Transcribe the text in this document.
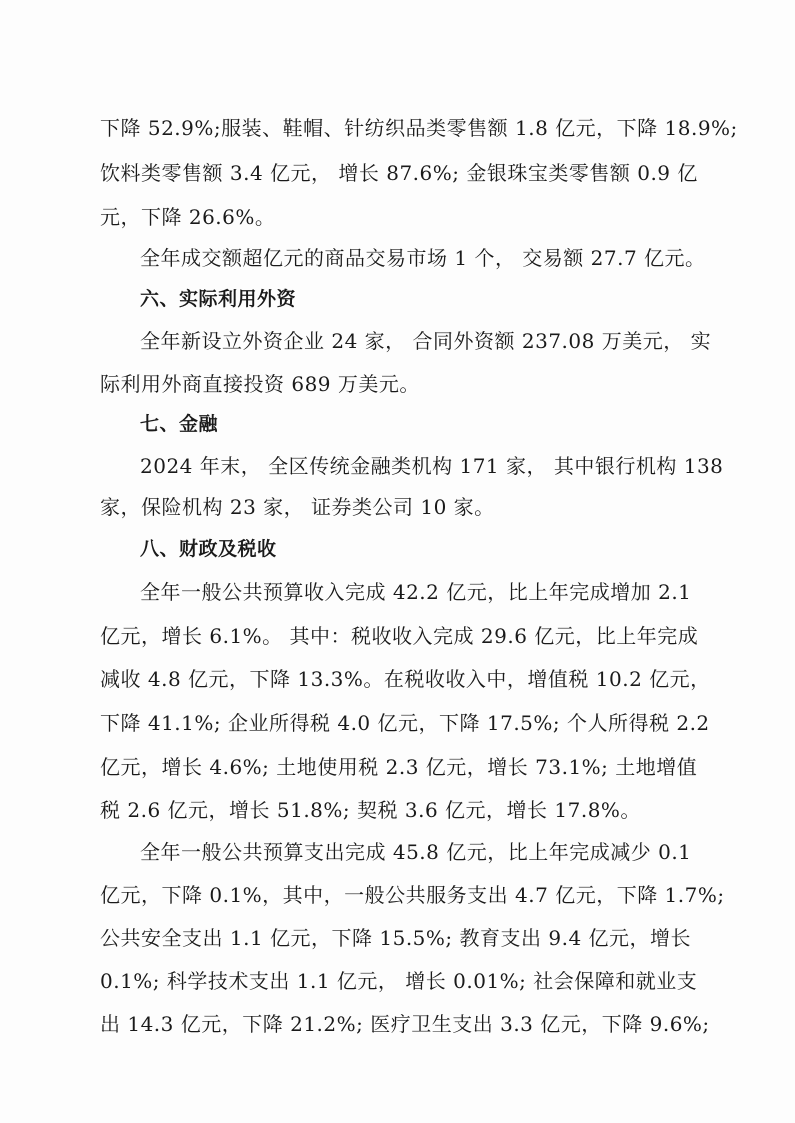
下降 52.9%;服装、鞋帽、针纺织品类零售额 1.8 亿元，下降 18.9%;
饮料类零售额 3.4 亿元， 增长 87.6%; 金银珠宝类零售额 0.9 亿
元，下降 26.6%。
全年成交额超亿元的商品交易市场 1 个， 交易额 27.7 亿元。
六、实际利用外资
全年新设立外资企业 24 家， 合同外资额 237.08 万美元， 实
际利用外商直接投资 689 万美元。
七、金融
2024 年末， 全区传统金融类机构 171 家， 其中银行机构 138
家，保险机构 23 家， 证券类公司 10 家。
八、财政及税收
全年一般公共预算收入完成 42.2 亿元，比上年完成增加 2.1
亿元，增长 6.1%。 其中：税收收入完成 29.6 亿元，比上年完成
减收 4.8 亿元，下降 13.3%。在税收收入中，增值税 10.2 亿元，
下降 41.1%; 企业所得税 4.0 亿元，下降 17.5%; 个人所得税 2.2
亿元，增长 4.6%; 土地使用税 2.3 亿元，增长 73.1%; 土地增值
税 2.6 亿元，增长 51.8%; 契税 3.6 亿元，增长 17.8%。
全年一般公共预算支出完成 45.8 亿元，比上年完成减少 0.1
亿元，下降 0.1%，其中，一般公共服务支出 4.7 亿元，下降 1.7%;
公共安全支出 1.1 亿元，下降 15.5%; 教育支出 9.4 亿元，增长
0.1%; 科学技术支出 1.1 亿元， 增长 0.01%; 社会保障和就业支
出 14.3 亿元，下降 21.2%; 医疗卫生支出 3.3 亿元，下降 9.6%;
